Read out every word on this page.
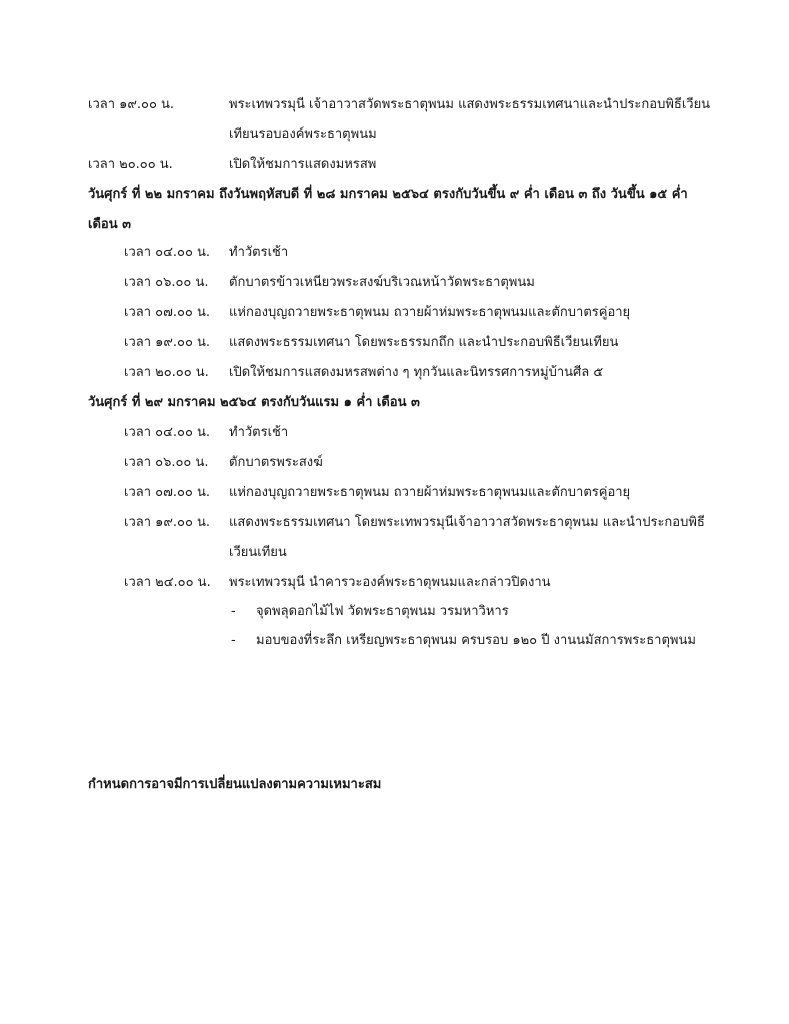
เวลา ๑๙.๐๐ น.	พระเทพวรมุนี เจ้าอาวาสวัดพระธาตุพนม แสดงพระธรรมเทศนาและนำประกอบพิธีเวียน
เทียนรอบองค์พระธาตุพนม
เวลา ๒๐.๐๐ น.	เปิดให้ชมการแสดงมหรสพ
วันศุกร์ ที่ ๒๒ มกราคม ถึงวันพฤหัสบดี ที่ ๒๘ มกราคม ๒๕๖๔ ตรงกับวันขึ้น ๙ ค่ำ เดือน ๓ ถึง วันขึ้น ๑๕ ค่ำ
เดือน ๓
เวลา ๐๔.๐๐ น. ทำวัตรเช้า
เวลา ๐๖.๐๐ น. ตักบาตรข้าวเหนียวพระสงฆ์บริเวณหน้าวัดพระธาตุพนม
เวลา ๐๗.๐๐ น. แห่กองบุญถวายพระธาตุพนม ถวายผ้าห่มพระธาตุพนมและตักบาตรคู่อายุ
เวลา ๑๙.๐๐ น. แสดงพระธรรมเทศนา โดยพระธรรมกถึก และนำประกอบพิธีเวียนเทียน
เวลา ๒๐.๐๐ น. เปิดให้ชมการแสดงมหรสพต่าง ๆ ทุกวันและนิทรรศการหมู่บ้านศีล ๕
วันศุกร์ ที่ ๒๙ มกราคม ๒๕๖๔ ตรงกับวันแรม ๑ ค่ำ เดือน ๓
เวลา ๐๔.๐๐ น. ทำวัตรเช้า
เวลา ๐๖.๐๐ น. ตักบาตรพระสงฆ์
เวลา ๐๗.๐๐ น. แห่กองบุญถวายพระธาตุพนม ถวายผ้าห่มพระธาตุพนมและตักบาตรคู่อายุ
เวลา ๑๙.๐๐ น. แสดงพระธรรมเทศนา โดยพระเทพวรมุนีเจ้าอาวาสวัดพระธาตุพนม และนำประกอบพิธี
เวียนเทียน
เวลา ๒๔.๐๐ น. พระเทพวรมุนี นำคารวะองค์พระธาตุพนมและกล่าวปิดงาน
- จุดพลุดอกไม้ไฟ วัดพระธาตุพนม วรมหาวิหาร
- มอบของที่ระลึก เหรียญพระธาตุพนม ครบรอบ ๑๒๐ ปี งานนมัสการพระธาตุพนม
กำหนดการอาจมีการเปลี่ยนแปลงตามความเหมาะสม
